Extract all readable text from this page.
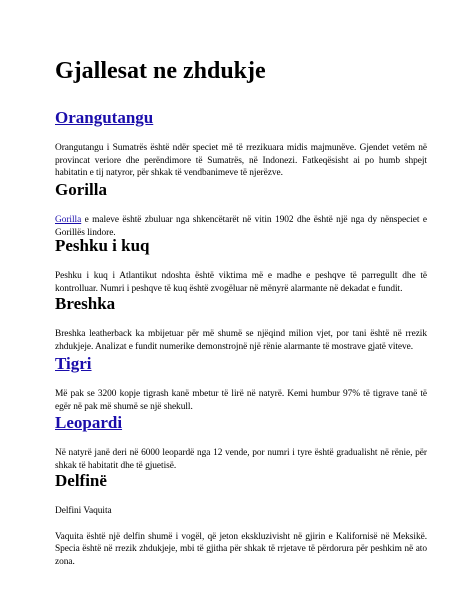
Gjallesat ne zhdukje
Orangutangu

Orangutangu i Sumatrës është ndër speciet më të rrezikuara midis majmunëve. Gjendet vetëm në provincat veriore dhe perëndimore të Sumatrës, në Indonezi. Fatkeqësisht ai po humb shpejt habitatin e tij natyror, për shkak të vendbanimeve të njerëzve.

Gorilla

Gorilla e maleve është zbuluar nga shkencëtarët në vitin 1902 dhe është një nga dy nënspeciet e Gorillës lindore.

Peshku i kuq

Peshku i kuq i Atlantikut ndoshta është viktima më e madhe e peshqve të parregullt dhe të kontrolluar. Numri i peshqve të kuq është zvogëluar në mënyrë alarmante në dekadat e fundit.

Breshka

Breshka leatherback ka mbijetuar për më shumë se njëqind milion vjet, por tani është në rrezik zhdukjeje. Analizat e fundit numerike demonstrojnë një rënie alarmante të mostrave gjatë viteve.

Tigri

Më pak se 3200 kopje tigrash kanë mbetur të lirë në natyrë. Kemi humbur 97% të tigrave tanë të egër në pak më shumë se një shekull.

Leopardi

Në natyrë janë deri në 6000 leopardë nga 12 vende, por numri i tyre është gradualisht në rënie, për shkak të habitatit dhe të gjuetisë.

Delfinë

Delfini Vaquita

Vaquita është një delfin shumë i vogël, që jeton ekskluzivisht në gjirin e Kalifornisë në Meksikë. Specia është në rrezik zhdukjeje, mbi të gjitha për shkak të rrjetave të përdorura për peshkim në ato zona.
